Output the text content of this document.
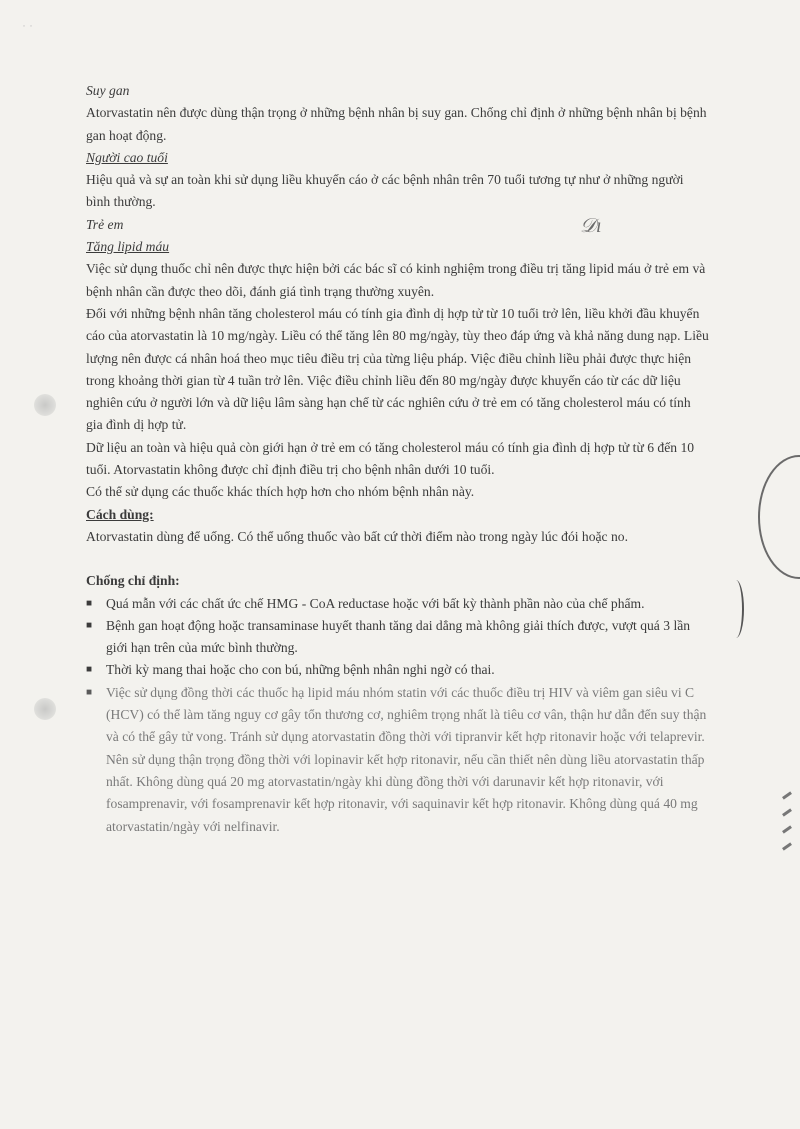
˙ ˙
𝒟ı

Suy gan

Atorvastatin nên được dùng thận trọng ở những bệnh nhân bị suy gan. Chống chỉ định ở những bệnh nhân bị bệnh gan hoạt động.

Người cao tuổi

Hiệu quả và sự an toàn khi sử dụng liều khuyến cáo ở các bệnh nhân trên 70 tuổi tương tự như ở những người bình thường.

Trẻ em

Tăng lipid máu

Việc sử dụng thuốc chỉ nên được thực hiện bởi các bác sĩ có kinh nghiệm trong điều trị tăng lipid máu ở trẻ em và bệnh nhân cần được theo dõi, đánh giá tình trạng thường xuyên.

Đối với những bệnh nhân tăng cholesterol máu có tính gia đình dị hợp tử từ 10 tuổi trở lên, liều khởi đầu khuyến cáo của atorvastatin là 10 mg/ngày. Liều có thể tăng lên 80 mg/ngày, tùy theo đáp ứng và khả năng dung nạp. Liều lượng nên được cá nhân hoá theo mục tiêu điều trị của từng liệu pháp. Việc điều chỉnh liều phải được thực hiện trong khoảng thời gian từ 4 tuần trở lên. Việc điều chỉnh liều đến 80 mg/ngày được khuyến cáo từ các dữ liệu nghiên cứu ở người lớn và dữ liệu lâm sàng hạn chế từ các nghiên cứu ở trẻ em có tăng cholesterol máu có tính gia đình dị hợp tử.

Dữ liệu an toàn và hiệu quả còn giới hạn ở trẻ em có tăng cholesterol máu có tính gia đình dị hợp tử từ 6 đến 10 tuổi. Atorvastatin không được chỉ định điều trị cho bệnh nhân dưới 10 tuổi.

Có thể sử dụng các thuốc khác thích hợp hơn cho nhóm bệnh nhân này.

Cách dùng:

Atorvastatin dùng để uống. Có thể uống thuốc vào bất cứ thời điểm nào trong ngày lúc đói hoặc no.

Chống chỉ định:

■	Quá mẫn với các chất ức chế HMG - CoA reductase hoặc với bất kỳ thành phần nào của chế phẩm.
■	Bệnh gan hoạt động hoặc transaminase huyết thanh tăng dai dẳng mà không giải thích được, vượt quá 3 lần giới hạn trên của mức bình thường.
■	Thời kỳ mang thai hoặc cho con bú, những bệnh nhân nghi ngờ có thai.
■	Việc sử dụng đồng thời các thuốc hạ lipid máu nhóm statin với các thuốc điều trị HIV và viêm gan siêu vi C (HCV) có thể làm tăng nguy cơ gây tổn thương cơ, nghiêm trọng nhất là tiêu cơ vân, thận hư dẫn đến suy thận và có thể gây tử vong. Tránh sử dụng atorvastatin đồng thời với tipranvir kết hợp ritonavir hoặc với telaprevir. Nên sử dụng thận trọng đồng thời với lopinavir kết hợp ritonavir, nếu cần thiết nên dùng liều atorvastatin thấp nhất. Không dùng quá 20 mg atorvastatin/ngày khi dùng đồng thời với darunavir kết hợp ritonavir, với fosamprenavir, với fosamprenavir kết hợp ritonavir, với saquinavir kết hợp ritonavir. Không dùng quá 40 mg atorvastatin/ngày với nelfinavir.
